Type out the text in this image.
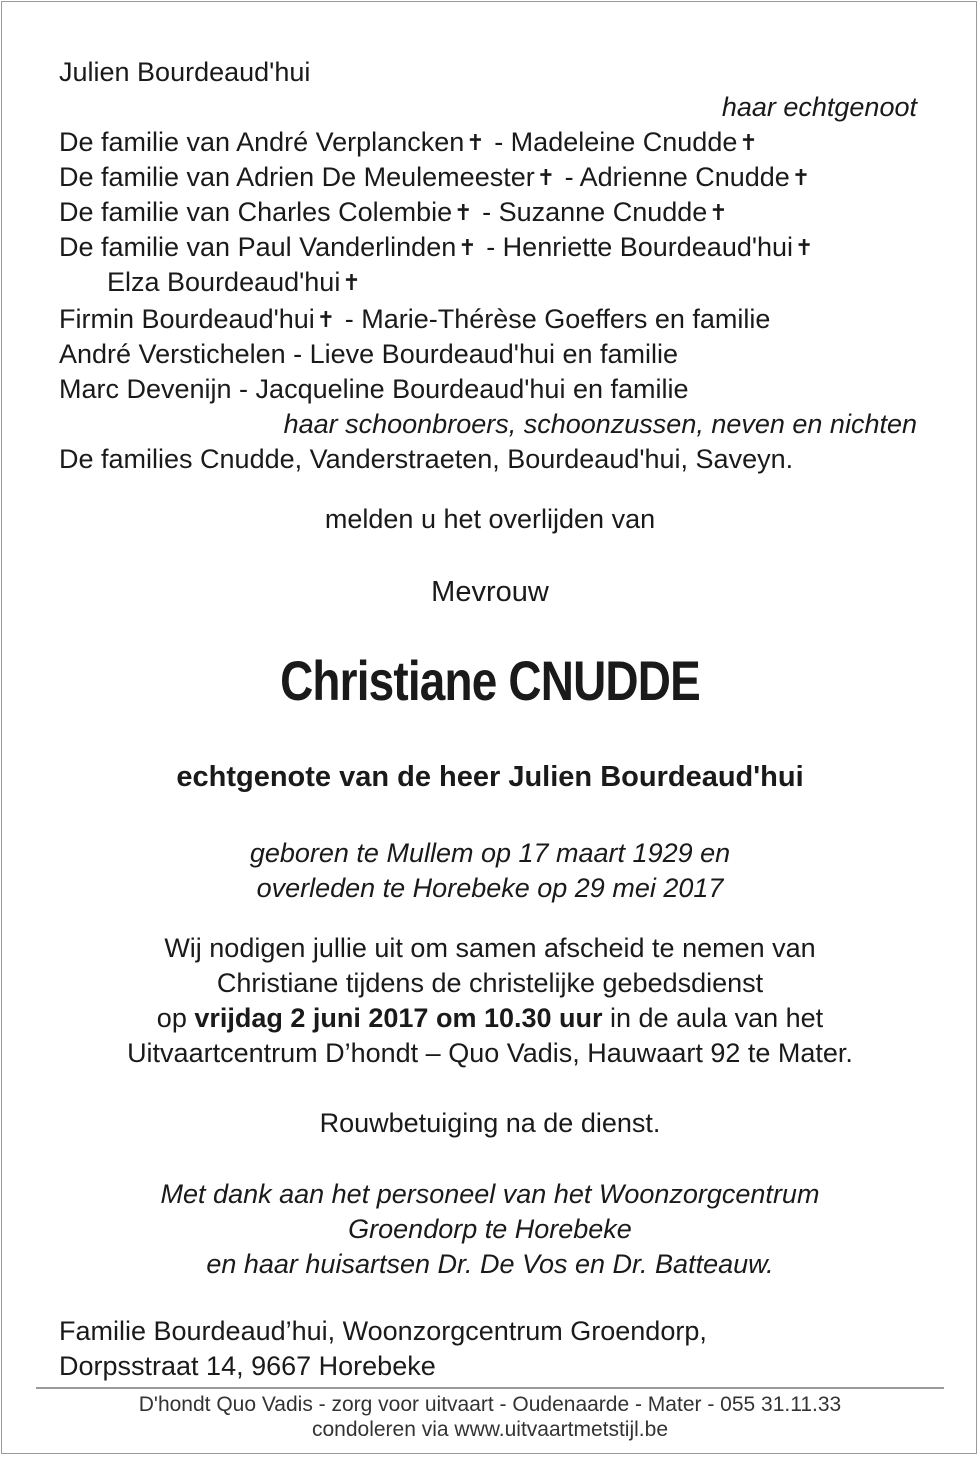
Julien Bourdeaud'hui
haar echtgenoot
De familie van André Verplancken✝ - Madeleine Cnudde✝
De familie van Adrien De Meulemeester✝ - Adrienne Cnudde✝
De familie van Charles Colembie✝ - Suzanne Cnudde✝
De familie van Paul Vanderlinden✝ - Henriette Bourdeaud'hui✝
Elza Bourdeaud'hui✝
Firmin Bourdeaud'hui✝ - Marie-Thérèse Goeffers en familie
André Verstichelen - Lieve Bourdeaud'hui en familie
Marc Devenijn - Jacqueline Bourdeaud'hui en familie
haar schoonbroers, schoonzussen, neven en nichten
De families Cnudde, Vanderstraeten, Bourdeaud'hui, Saveyn.
melden u het overlijden van
Mevrouw
Christiane CNUDDE
echtgenote van de heer Julien Bourdeaud'hui
geboren te Mullem op 17 maart 1929 en
overleden te Horebeke op 29 mei 2017
Wij nodigen jullie uit om samen afscheid te nemen van
Christiane tijdens de christelijke gebedsdienst
op vrijdag 2 juni 2017 om 10.30 uur in de aula van het
Uitvaartcentrum D’hondt – Quo Vadis, Hauwaart 92 te Mater.
Rouwbetuiging na de dienst.
Met dank aan het personeel van het Woonzorgcentrum
Groendorp te Horebeke
en haar huisartsen Dr. De Vos en Dr. Batteauw.
Familie Bourdeaud’hui, Woonzorgcentrum Groendorp,
Dorpsstraat 14, 9667 Horebeke
D'hondt Quo Vadis - zorg voor uitvaart - Oudenaarde - Mater - 055 31.11.33
condoleren via www.uitvaartmetstijl.be
